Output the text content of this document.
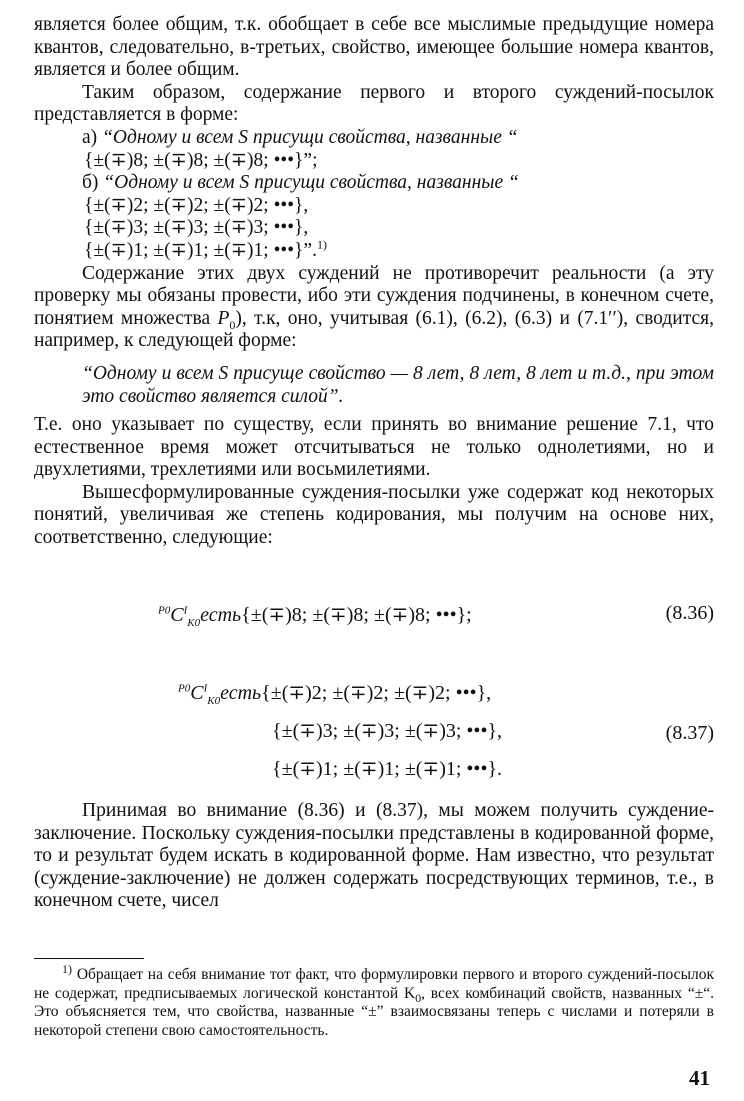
является более общим, т.к. обобщает в себе все мыслимые предыдущие номера квантов, следовательно, в-третьих, свойство, имеющее большие номера квантов, является и более общим.

Таким образом, содержание первого и второго суждений-посылок представляется в форме:

а) “Одному и всем S присущи свойства, названные “
{±(∓)8; ±(∓)8; ±(∓)8; •••}”;
б) “Одному и всем S присущи свойства, названные “
{±(∓)2; ±(∓)2; ±(∓)2; •••},
{±(∓)3; ±(∓)3; ±(∓)3; •••},
{±(∓)1; ±(∓)1; ±(∓)1; •••}”.$^{1)}$

Содержание этих двух суждений не противоречит реальности (а эту проверку мы обязаны провести, ибо эти суждения подчинены, в конечном счете, понятием множества $P_0$), т.к, оно, учитывая (6.1), (6.2), (6.3) и (7.1′′), сводится, например, к следующей форме:

“Одному и всем S присуще свойство — 8 лет, 8 лет, 8 лет и т.д., при этом это свойство является силой”.

Т.е. оно указывает по существу, если принять во внимание решение 7.1, что естественное время может отсчитываться не только однолетиями, но и двухлетиями, трехлетиями или восьмилетиями.

Вышесформулированные суждения-посылки уже содержат код некоторых понятий, увеличивая же степень кодирования, мы получим на основе них, соответственно, следующие:

$^{P0}C^I_{K0}есть\{\pm(\mp)8$; ±(∓)8; ±(∓)8; •••};	(8.36)
$^{P0}C^I_{K0}есть\{\pm(\mp)2$; ±(∓)2; ±(∓)2; •••},
{±(∓)3; ±(∓)3; ±(∓)3; •••},
{±(∓)1; ±(∓)1; ±(∓)1; •••}.
(8.37)

Принимая во внимание (8.36) и (8.37), мы можем получить суждение-заключение. Поскольку суждения-посылки представлены в кодированной форме, то и результат будем искать в кодированной форме. Нам известно, что результат (суждение-заключение) не должен содержать посредствующих терминов, т.е., в конечном счете, чисел

$^{1)}$ Обращает на себя внимание тот факт, что формулировки первого и второго суждений-посылок не содержат, предписываемых логической константой $K_0$, всех комбинаций свойств, названных “±“. Это объясняется тем, что свойства, названные “±” взаимосвязаны теперь с числами и потеряли в некоторой степени свою самостоятельность.

41
